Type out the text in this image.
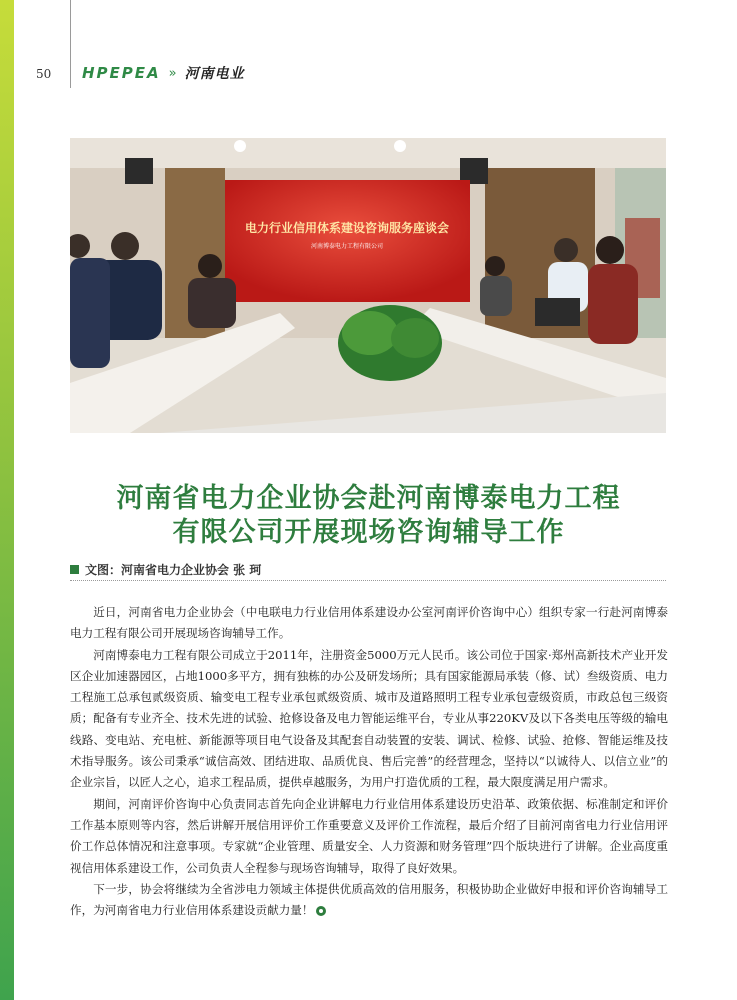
50 HPEPEA » 河南电业
电力行业信用体系建设咨询服务座谈会
河南博泰电力工程有限公司
河南省电力企业协会赴河南博泰电力工程
有限公司开展现场咨询辅导工作
文图：河南省电力企业协会 张 珂

近日，河南省电力企业协会（中电联电力行业信用体系建设办公室河南评价咨询中心）组织专家一行赴河南博泰电力工程有限公司开展现场咨询辅导工作。

河南博泰电力工程有限公司成立于2011年，注册资金5000万元人民币。该公司位于国家·郑州高新技术产业开发区企业加速器园区，占地1000多平方，拥有独栋的办公及研发场所；具有国家能源局承装（修、试）叁级资质、电力工程施工总承包贰级资质、输变电工程专业承包贰级资质、城市及道路照明工程专业承包壹级资质，市政总包三级资质；配备有专业齐全、技术先进的试验、抢修设备及电力智能运维平台，专业从事220KV及以下各类电压等级的输电线路、变电站、充电桩、新能源等项目电气设备及其配套自动装置的安装、调试、检修、试验、抢修、智能运维及技术指导服务。该公司秉承“诚信高效、团结进取、品质优良、售后完善”的经营理念，坚持以“以诚待人、以信立业”的企业宗旨，以匠人之心，追求工程品质，提供卓越服务，为用户打造优质的工程，最大限度满足用户需求。

期间，河南评价咨询中心负责同志首先向企业讲解电力行业信用体系建设历史沿革、政策依据、标准制定和评价工作基本原则等内容，然后讲解开展信用评价工作重要意义及评价工作流程，最后介绍了目前河南省电力行业信用评价工作总体情况和注意事项。专家就“企业管理、质量安全、人力资源和财务管理”四个版块进行了讲解。企业高度重视信用体系建设工作，公司负责人全程参与现场咨询辅导，取得了良好效果。

下一步，协会将继续为全省涉电力领域主体提供优质高效的信用服务，积极协助企业做好申报和评价咨询辅导工作，为河南省电力行业信用体系建设贡献力量！
